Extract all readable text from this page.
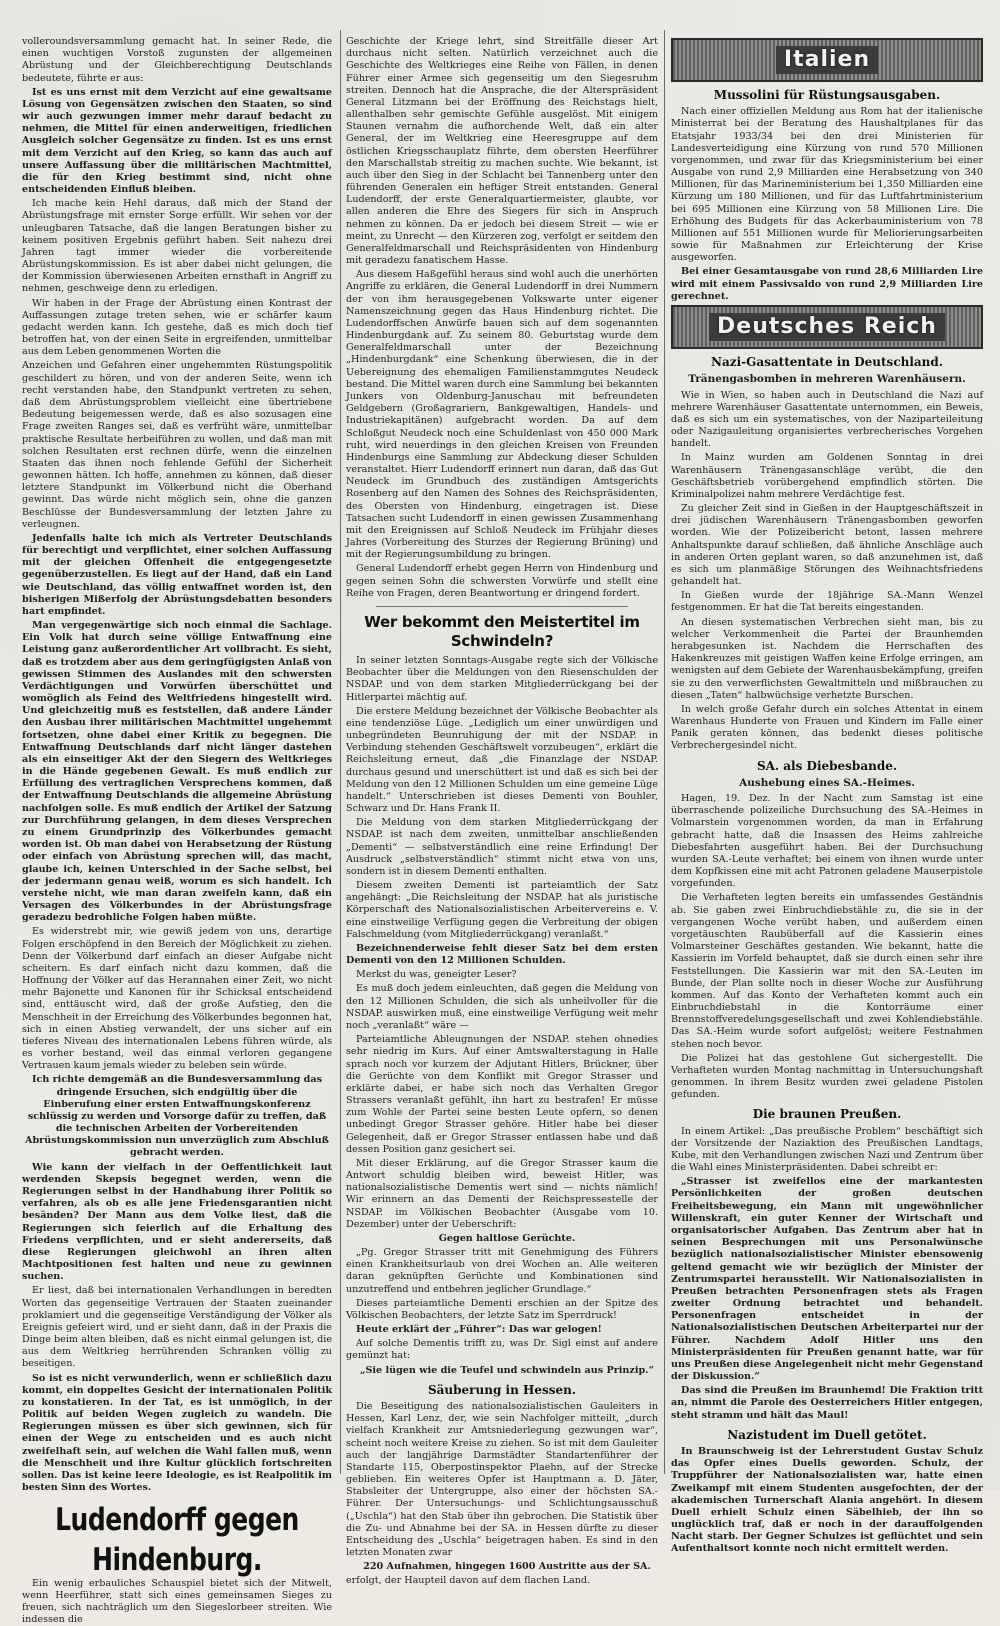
volleroundsversammlung gemacht hat. In seiner Rede, die einen wuchtigen Vorstoß zugunsten der allgemeinen Abrüstung und der Gleichberechtigung Deutschlands bedeutete, führte er aus:

Ist es uns ernst mit dem Verzicht auf eine gewaltsame Lösung von Gegensätzen zwischen den Staaten, so sind wir auch gezwungen immer mehr darauf bedacht zu nehmen, die Mittel für einen anderweitigen, friedlichen Ausgleich solcher Gegensätze zu finden. Ist es uns ernst mit dem Verzicht auf den Krieg, so kann das auch auf unsere Auffassung über die militärischen Machtmittel, die für den Krieg bestimmt sind, nicht ohne entscheidenden Einfluß bleiben.

Ich mache kein Hehl daraus, daß mich der Stand der Abrüstungsfrage mit ernster Sorge erfüllt. Wir sehen vor der unleugbaren Tatsache, daß die langen Beratungen bisher zu keinem positiven Ergebnis geführt haben. Seit nahezu drei Jahren tagt immer wieder die vorbereitende Abrüstungskommission. Es ist aber dabei nicht gelungen, die der Kommission überwiesenen Arbeiten ernsthaft in Angriff zu nehmen, geschweige denn zu erledigen.

Wir haben in der Frage der Abrüstung einen Kontrast der Auffassungen zutage treten sehen, wie er schärfer kaum gedacht werden kann. Ich gestehe, daß es mich doch tief betroffen hat, von der einen Seite in ergreifenden, unmittelbar aus dem Leben genommenen Worten die

Anzeichen und Gefahren einer ungehemmten Rüstungspolitik geschildert zu hören, und von der anderen Seite, wenn ich recht verstanden habe, den Standpunkt vertreten zu sehen, daß dem Abrüstungsproblem vielleicht eine übertriebene Bedeutung beigemessen werde, daß es also sozusagen eine Frage zweiten Ranges sei, daß es verfrüht wäre, unmittelbar praktische Resultate herbeiführen zu wollen, und daß man mit solchen Resultaten erst rechnen dürfe, wenn die einzelnen Staaten das ihnen noch fehlende Gefühl der Sicherheit gewonnen hätten. Ich hoffe, annehmen zu können, daß dieser letztere Standpunkt im Völkerbund nicht die Oberhand gewinnt. Das würde nicht möglich sein, ohne die ganzen Beschlüsse der Bundesversammlung der letzten Jahre zu verleugnen.

Jedenfalls halte ich mich als Vertreter Deutschlands für berechtigt und verpflichtet, einer solchen Auffassung mit der gleichen Offenheit die entgegengesetzte gegenüberzustellen. Es liegt auf der Hand, daß ein Land wie Deutschland, das völlig entwaffnet worden ist, den bisherigen Mißerfolg der Abrüstungsdebatten besonders hart empfindet.

Man vergegenwärtige sich noch einmal die Sachlage. Ein Volk hat durch seine völlige Entwaffnung eine Leistung ganz außerordentlicher Art vollbracht. Es sieht, daß es trotzdem aber aus dem geringfügigsten Anlaß von gewissen Stimmen des Auslandes mit den schwersten Verdächtigungen und Vorwürfen überschüttet und womöglich als Feind des Weltfriedens hingestellt wird. Und gleichzeitig muß es feststellen, daß andere Länder den Ausbau ihrer militärischen Machtmittel ungehemmt fortsetzen, ohne dabei einer Kritik zu begegnen. Die Entwaffnung Deutschlands darf nicht länger dastehen als ein einseitiger Akt der den Siegern des Weltkrieges in die Hände gegebenen Gewalt. Es muß endlich zur Erfüllung des vertraglichen Versprechens kommen, daß der Entwaffnung Deutschlands die allgemeine Abrüstung nachfolgen solle. Es muß endlich der Artikel der Satzung zur Durchführung gelangen, in dem dieses Versprechen zu einem Grundprinzip des Völkerbundes gemacht worden ist. Ob man dabei von Herabsetzung der Rüstung oder einfach von Abrüstung sprechen will, das macht, glaube ich, keinen Unterschied in der Sache selbst, bei der jedermann genau weiß, worum es sich handelt. Ich verstehe nicht, wie man daran zweifeln kann, daß ein Versagen des Völkerbundes in der Abrüstungsfrage geradezu bedrohliche Folgen haben müßte.

Es widerstrebt mir, wie gewiß jedem von uns, derartige Folgen erschöpfend in den Bereich der Möglichkeit zu ziehen. Denn der Völkerbund darf einfach an dieser Aufgabe nicht scheitern. Es darf einfach nicht dazu kommen, daß die Hoffnung der Völker auf das Herannahen einer Zeit, wo nicht mehr Bajonette und Kanonen für ihr Schicksal entscheidend sind, enttäuscht wird, daß der große Aufstieg, den die Menschheit in der Erreichung des Völkerbundes begonnen hat, sich in einen Abstieg verwandelt, der uns sicher auf ein tieferes Niveau des internationalen Lebens führen würde, als es vorher bestand, weil das einmal verloren gegangene Vertrauen kaum jemals wieder zu beleben sein würde.

Ich richte demgemäß an die Bundesversammlung das dringende Ersuchen, sich endgültig über die Einberufung einer ersten Entwaffnungskonferenz schlüssig zu werden und Vorsorge dafür zu treffen, daß die technischen Arbeiten der Vorbereitenden Abrüstungskommission nun unverzüglich zum Abschluß gebracht werden.

Wie kann der vielfach in der Oeffentlichkeit laut werdenden Skepsis begegnet werden, wenn die Regierungen selbst in der Handhabung ihrer Politik so verfahren, als ob es alle jene Friedensgarantien nicht besänden? Der Mann aus dem Volke liest, daß die Regierungen sich feierlich auf die Erhaltung des Friedens verpflichten, und er sieht andererseits, daß diese Regierungen gleichwohl an ihren alten Machtpositionen fest halten und neue zu gewinnen suchen.

Er liest, daß bei internationalen Verhandlungen in beredten Worten das gegenseitige Vertrauen der Staaten zueinander proklamiert und die gegenseitige Verständigung der Völker als Ereignis gefeiert wird, und er sieht dann, daß in der Praxis die Dinge beim alten bleiben, daß es nicht einmal gelungen ist, die aus dem Weltkrieg herrührenden Schranken völlig zu beseitigen.

So ist es nicht verwunderlich, wenn er schließlich dazu kommt, ein doppeltes Gesicht der internationalen Politik zu konstatieren. In der Tat, es ist unmöglich, in der Politik auf beiden Wegen zugleich zu wandeln. Die Regierungen müssen es über sich gewinnen, sich für einen der Wege zu entscheiden und es auch nicht zweifelhaft sein, auf welchen die Wahl fallen muß, wenn die Menschheit und ihre Kultur glücklich fortschreiten sollen. Das ist keine leere Ideologie, es ist Realpolitik im besten Sinn des Wortes.

Ludendorff gegen Hindenburg.

Ein wenig erbauliches Schauspiel bietet sich der Mitwelt, wenn Heerführer, statt sich eines gemeinsamen Sieges zu freuen, sich nachträglich um den Siegeslorbeer streiten. Wie indessen die

Geschichte der Kriege lehrt, sind Streitfälle dieser Art durchaus nicht selten. Natürlich verzeichnet auch die Geschichte des Weltkrieges eine Reihe von Fällen, in denen Führer einer Armee sich gegenseitig um den Siegesruhm streiten. Dennoch hat die Ansprache, die der Alterspräsident General Litzmann bei der Eröffnung des Reichstags hielt, allenthalben sehr gemischte Gefühle ausgelöst. Mit einigem Staunen vernahm die aufhorchende Welt, daß ein alter General, der im Weltkrieg eine Heeresgruppe auf dem östlichen Kriegsschauplatz führte, dem obersten Heerführer den Marschallstab streitig zu machen suchte. Wie bekannt, ist auch über den Sieg in der Schlacht bei Tannenberg unter den führenden Generalen ein heftiger Streit entstanden. General Ludendorff, der erste Generalquartiermeister, glaubte, vor allen anderen die Ehre des Siegers für sich in Anspruch nehmen zu können. Da er jedoch bei diesem Streit — wie er meint, zu Unrecht — den Kürzeren zog, verfolgt er seitdem den Generalfeldmarschall und Reichspräsidenten von Hindenburg mit geradezu fanatischem Hasse.

Aus diesem Haßgefühl heraus sind wohl auch die unerhörten Angriffe zu erklären, die General Ludendorff in drei Nummern der von ihm herausgegebenen Volkswarte unter eigener Namenszeichnung gegen das Haus Hindenburg richtet. Die Ludendorffschen Anwürfe bauen sich auf dem sogenannten Hindenburgdank auf. Zu seinem 80. Geburtstag wurde dem Generalfeldmarschall unter der Bezeichnung „Hindenburgdank“ eine Schenkung überwiesen, die in der Uebereignung des ehemaligen Familienstammgutes Neudeck bestand. Die Mittel waren durch eine Sammlung bei bekannten Junkers von Oldenburg-Januschau mit befreundeten Geldgebern (Großagrariern, Bankgewaltigen, Handels- und Industriekapitänen) aufgebracht worden. Da auf dem Schloßgut Neudeck noch eine Schuldenlast von 450 000 Mark ruht, wird neuerdings in den gleichen Kreisen von Freunden Hindenburgs eine Sammlung zur Abdeckung dieser Schulden veranstaltet. Hierr Ludendorff erinnert nun daran, daß das Gut Neudeck im Grundbuch des zuständigen Amtsgerichts Rosenberg auf den Namen des Sohnes des Reichspräsidenten, des Obersten von Hindenburg, eingetragen ist. Diese Tatsachen sucht Ludendorff in einen gewissen Zusammenhang mit den Ereignissen auf Schloß Neudeck im Frühjahr dieses Jahres (Vorbereitung des Sturzes der Regierung Brüning) und mit der Regierungsumbildung zu bringen.

General Ludendorff erhebt gegen Herrn von Hindenburg und gegen seinen Sohn die schwersten Vorwürfe und stellt eine Reihe von Fragen, deren Beantwortung er dringend fordert.

Wer bekommt den Meistertitel im Schwindeln?

In seiner letzten Sonntags-Ausgabe regte sich der Völkische Beobachter über die Meldungen von den Riesenschulden der NSDAP. und von dem starken Mitgliederrückgang bei der Hitlerpartei mächtig auf.

Die erstere Meldung bezeichnet der Völkische Beobachter als eine tendenziöse Lüge. „Lediglich um einer unwürdigen und unbegründeten Beunruhigung der mit der NSDAP. in Verbindung stehenden Geschäftswelt vorzubeugen“, erklärt die Reichsleitung erneut, daß „die Finanzlage der NSDAP. durchaus gesund und unerschüttert ist und daß es sich bei der Meldung von den 12 Millionen Schulden um eine gemeine Lüge handelt.“ Unterschrieben ist dieses Dementi von Bouhler, Schwarz und Dr. Hans Frank II.

Die Meldung von dem starken Mitgliederrückgang der NSDAP. ist nach dem zweiten, unmittelbar anschließenden „Dementi“ — selbstverständlich eine reine Erfindung! Der Ausdruck „selbstverständlich“ stimmt nicht etwa von uns, sondern ist in diesem Dementi enthalten.

Diesem zweiten Dementi ist parteiamtlich der Satz angehängt: „Die Reichsleitung der NSDAP. hat als juristische Körperschaft des Nationalsozialistischen Arbeitervereins e. V. eine einstweilige Verfügung gegen die Verbreitung der obigen Falschmeldung (vom Mitgliederrückgang) veranlaßt.“

Bezeichnenderweise fehlt dieser Satz bei dem ersten Dementi von den 12 Millionen Schulden.

Merkst du was, geneigter Leser?

Es muß doch jedem einleuchten, daß gegen die Meldung von den 12 Millionen Schulden, die sich als unheilvoller für die NSDAP. auswirken muß, eine einstweilige Verfügung weit mehr noch „veranlaßt“ wäre —

Parteiamtliche Ableugnungen der NSDAP. stehen ohnedies sehr niedrig im Kurs. Auf einer Amtswalterstagung in Halle sprach noch vor kurzem der Adjutant Hitlers, Brückner, über die Gerüchte von dem Konflikt mit Gregor Strasser und erklärte dabei, er habe sich noch das Verhalten Gregor Strassers veranlaßt gefühlt, ihn hart zu bestrafen! Er müsse zum Wohle der Partei seine besten Leute opfern, so denen unbedingt Gregor Strasser gehöre. Hitler habe bei dieser Gelegenheit, daß er Gregor Strasser entlassen habe und daß dessen Position ganz gesichert sei.

Mit dieser Erklärung, auf die Gregor Strasser kaum die Antwort schuldig bleiben wird, beweist Hitler, was nationalsozialistische Dementis wert sind — nichts nämlich! Wir erinnern an das Dementi der Reichspressestelle der NSDAP. im Völkischen Beobachter (Ausgabe vom 10. Dezember) unter der Ueberschrift:

Gegen haltlose Gerüchte.

„Pg. Gregor Strasser tritt mit Genehmigung des Führers einen Krankheitsurlaub von drei Wochen an. Alle weiteren daran geknüpften Gerüchte und Kombinationen sind unzutreffend und entbehren jeglicher Grundlage.“

Dieses parteiamtliche Dementi erschien an der Spitze des Völkischen Beobachters, der letzte Satz im Sperrdruck!

Heute erklärt der „Führer“: Das war gelogen!

Auf solche Dementis trifft zu, was Dr. Sigl einst auf andere gemünzt hat:

„Sie lügen wie die Teufel und schwindeln aus Prinzip.“

Säuberung in Hessen.

Die Beseitigung des nationalsozialistischen Gauleiters in Hessen, Karl Lenz, der, wie sein Nachfolger mitteilt, „durch vielfach Krankheit zur Amtsniederlegung gezwungen war“, scheint noch weitere Kreise zu ziehen. So ist mit dem Gauleiter auch der langjährige Darmstädter Standartenführer der Standarte 115, Oberpostinspektor Plaehn, auf der Strecke geblieben. Ein weiteres Opfer ist Hauptmann a. D. Jäter, Stabsleiter der Untergruppe, also einer der höchsten SA.-Führer. Der Untersuchungs- und Schlichtungsausschuß („Uschla“) hat den Stab über ihn gebrochen. Die Statistik über die Zu- und Abnahme bei der SA. in Hessen dürfte zu dieser Entscheidung des „Uschla“ beigetragen haben. Es sind in den letzten Monaten zwar

220 Aufnahmen, hingegen 1600 Austritte aus der SA.

erfolgt, der Haupteil davon auf dem flachen Land.

Italien
Mussolini für Rüstungsausgaben.

Nach einer offiziellen Meldung aus Rom hat der italienische Ministerrat bei der Beratung des Haushaltplanes für das Etatsjahr 1933/34 bei den drei Ministerien für Landesverteidigung eine Kürzung von rund 570 Millionen vorgenommen, und zwar für das Kriegsministerium bei einer Ausgabe von rund 2,9 Milliarden eine Herabsetzung von 340 Millionen, für das Marineministerium bei 1,350 Milliarden eine Kürzung um 180 Millionen, und für das Luftfahrtministerium bei 695 Millionen eine Kürzung von 58 Millionen Lire. Die Erhöhung des Budgets für das Ackerbauministerium von 78 Millionen auf 551 Millionen wurde für Meliorierungsarbeiten sowie für Maßnahmen zur Erleichterung der Krise ausgeworfen.

Bei einer Gesamtausgabe von rund 28,6 Milliarden Lire wird mit einem Passivsaldo von rund 2,9 Milliarden Lire gerechnet.

Deutsches Reich
Nazi-Gasattentate in Deutschland.
Tränengasbomben in mehreren Warenhäusern.

Wie in Wien, so haben auch in Deutschland die Nazi auf mehrere Warenhäuser Gasattentate unternommen, ein Beweis, daß es sich um ein systematisches, von der Naziparteileitung oder Nazigauleitung organisiertes verbrecherisches Vorgehen handelt.

In Mainz wurden am Goldenen Sonntag in drei Warenhäusern Tränengasanschläge verübt, die den Geschäftsbetrieb vorübergehend empfindlich störten. Die Kriminalpolizei nahm mehrere Verdächtige fest.

Zu gleicher Zeit sind in Gießen in der Hauptgeschäftszeit in drei jüdischen Warenhäusern Tränengasbomben geworfen worden. Wie der Polizeibericht betont, lassen mehrere Anhaltspunkte darauf schließen, daß ähnliche Anschläge auch in anderen Orten geplant waren, so daß anzunehmen ist, daß es sich um planmäßige Störungen des Weihnachtsfriedens gehandelt hat.

In Gießen wurde der 18jährige SA.-Mann Wenzel festgenommen. Er hat die Tat bereits eingestanden.

An diesen systematischen Verbrechen sieht man, bis zu welcher Verkommenheit die Partei der Braunhemden herabgesunken ist. Nachdem die Herrschaften des Hakenkreuzes mit geistigen Waffen keine Erfolge erringen, am wenigsten auf dem Gebiete der Warenhausbekämpfung, greifen sie zu den verwerflichsten Gewaltmitteln und mißbrauchen zu diesen „Taten“ halbwüchsige verhetzte Burschen.

In welch große Gefahr durch ein solches Attentat in einem Warenhaus Hunderte von Frauen und Kindern im Falle einer Panik geraten können, das bedenkt dieses politische Verbrechergesindel nicht.

SA. als Diebesbande.
Aushebung eines SA.-Heimes.

Hagen, 19. Dez. In der Nacht zum Samstag ist eine überraschende polizeiliche Durchsuchung des SA.-Heimes in Volmarstein vorgenommen worden, da man in Erfahrung gebracht hatte, daß die Insassen des Heims zahlreiche Diebesfahrten ausgeführt haben. Bei der Durchsuchung wurden SA.-Leute verhaftet; bei einem von ihnen wurde unter dem Kopfkissen eine mit acht Patronen geladene Mauserpistole vorgefunden.

Die Verhafteten legten bereits ein umfassendes Geständnis ab. Sie gaben zwei Einbruchdiebstähle zu, die sie in der vergangenen Woche verübt haben, und außerdem einen vorgetäuschten Raubüberfall auf die Kassierin eines Volmarsteiner Geschäftes gestanden. Wie bekannt, hatte die Kassierin im Vorfeld behauptet, daß sie durch einen sehr ihre Feststellungen. Die Kassierin war mit den SA.-Leuten im Bunde, der Plan sollte noch in dieser Woche zur Ausführung kommen. Auf das Konto der Verhafteten kommt auch ein Einbruchdiebstahl in die Kontorräume einer Brennstoffveredelungsgesellschaft und zwei Kohlendiebstähle. Das SA.-Heim wurde sofort aufgelöst; weitere Festnahmen stehen noch bevor.

Die Polizei hat das gestohlene Gut sichergestellt. Die Verhafteten wurden Montag nachmittag in Untersuchungshaft genommen. In ihrem Besitz wurden zwei geladene Pistolen gefunden.

Die braunen Preußen.

In einem Artikel: „Das preußische Problem“ beschäftigt sich der Vorsitzende der Naziaktion des Preußischen Landtags, Kube, mit den Verhandlungen zwischen Nazi und Zentrum über die Wahl eines Ministerpräsidenten. Dabei schreibt er:

„Strasser ist zweifellos eine der markantesten Persönlichkeiten der großen deutschen Freiheitsbewegung, ein Mann mit ungewöhnlicher Willenskraft, ein guter Kenner der Wirtschaft und organisatorischer Aufgaben. Das Zentrum aber hat in seinen Besprechungen mit uns Personalwünsche bezüglich nationalsozialistischer Minister ebensowenig geltend gemacht wie wir bezüglich der Minister der Zentrumspartei herausstellt. Wir Nationalsozialisten in Preußen betrachten Personenfragen stets als Fragen zweiter Ordnung betrachtet und behandelt. Personenfragen entscheidet in der Nationalsozialistischen Deutschen Arbeiterpartei nur der Führer. Nachdem Adolf Hitler uns den Ministerpräsidenten für Preußen genannt hatte, war für uns Preußen diese Angelegenheit nicht mehr Gegenstand der Diskussion.“

Das sind die Preußen im Braunhemd! Die Fraktion tritt an, nimmt die Parole des Oesterreichers Hitler entgegen, steht stramm und hält das Maul!

Nazistudent im Duell getötet.

In Braunschweig ist der Lehrerstudent Gustav Schulz das Opfer eines Duells geworden. Schulz, der Truppführer der Nationalsozialisten war, hatte einen Zweikampf mit einem Studenten ausgefochten, der der akademischen Turnerschaft Alania angehört. In diesem Duell erhielt Schulz einen Säbelhieb, der ihn so unglücklich traf, daß er noch in der darauffolgenden Nacht starb. Der Gegner Schulzes ist geflüchtet und sein Aufenthaltsort konnte noch nicht ermittelt werden.
